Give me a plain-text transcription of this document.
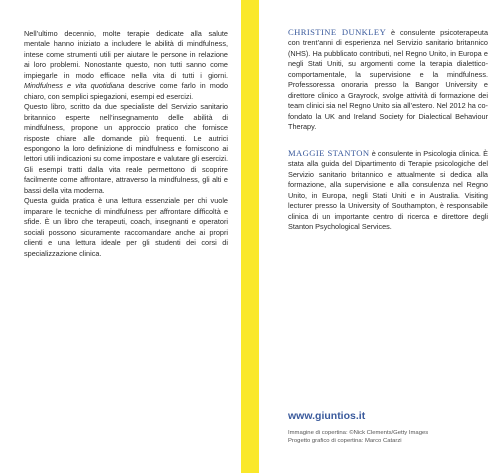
Nell’ultimo decennio, molte terapie dedicate alla salute mentale hanno iniziato a includere le abilità di mindfulness, intese come strumenti utili per aiutare le persone in relazione ai loro problemi. Nonostante questo, non tutti sanno come impiegarle in modo efficace nella vita di tutti i giorni. Mindfulness e vita quotidiana descrive come farlo in modo chiaro, con semplici spiegazioni, esempi ed esercizi.

Questo libro, scritto da due specialiste del Servizio sanitario britannico esperte nell’insegnamento delle abilità di mindfulness, propone un approccio pratico che fornisce risposte chiare alle domande più frequenti. Le autrici espongono la loro definizione di mindfulness e forniscono ai lettori utili indicazioni su come impostare e valutare gli esercizi. Gli esempi tratti dalla vita reale permettono di scoprire facilmente come affrontare, attraverso la mindfulness, gli alti e bassi della vita moderna.

Questa guida pratica è una lettura essenziale per chi vuole imparare le tecniche di mindfulness per affrontare difficoltà e sfide. È un libro che terapeuti, coach, insegnanti e operatori sociali possono sicuramente raccomandare anche ai propri clienti e una lettura ideale per gli studenti dei corsi di specializzazione clinica.

CHRISTINE DUNKLEY è consulente psicoterapeuta con trent’anni di esperienza nel Servizio sanitario britannico (NHS). Ha pubblicato contributi, nel Regno Unito, in Europa e negli Stati Uniti, su argomenti come la terapia dialettico-comportamentale, la supervisione e la mindfulness. Professoressa onoraria presso la Bangor University e direttore clinico a Grayrock, svolge attività di formazione dei team clinici sia nel Regno Unito sia all’estero. Nel 2012 ha co-fondato la UK and Ireland Society for Dialectical Behaviour Therapy.
MAGGIE STANTON è consulente in Psicologia clinica. È stata alla guida del Dipartimento di Terapie psicologiche del Servizio sanitario britannico e attualmente si dedica alla formazione, alla supervisione e alla consulenza nel Regno Unito, in Europa, negli Stati Uniti e in Australia. Visiting lecturer presso la University of Southampton, è responsabile clinica di un importante centro di ricerca e direttore degli Stanton Psychological Services.
www.giuntios.it
Immagine di copertina: ©Nick Clements/Getty Images
Progetto grafico di copertina: Marco Catarzi
